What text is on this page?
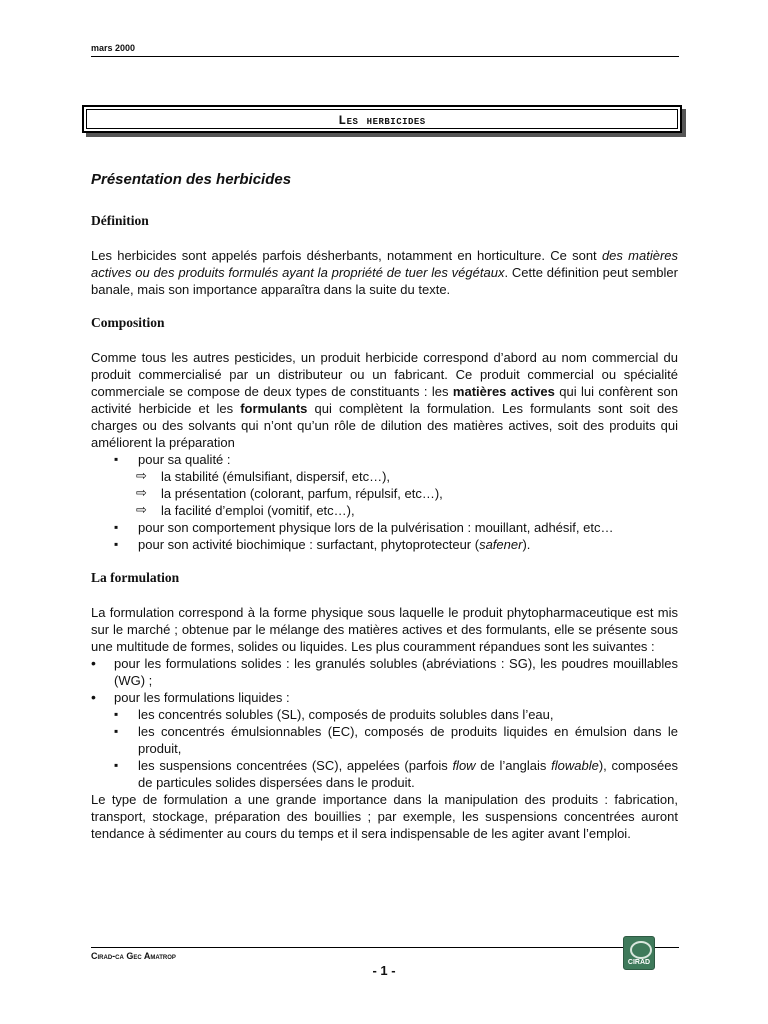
mars 2000
Les herbicides
Présentation des herbicides
Définition

Les herbicides sont appelés parfois désherbants, notamment en horticulture. Ce sont des matières actives ou des produits formulés ayant la propriété de tuer les végétaux. Cette définition peut sembler banale, mais son importance apparaîtra dans la suite du texte.

Composition

Comme tous les autres pesticides, un produit herbicide correspond d’abord au nom commercial du produit commercialisé par un distributeur ou un fabricant. Ce produit commercial ou spécialité commerciale se compose de deux types de constituants : les matières actives qui lui confèrent son activité herbicide et les formulants qui complètent la formulation. Les formulants sont soit des charges ou des solvants qui n’ont qu’un rôle de dilution des matières actives, soit des produits qui améliorent la préparation

▪ pour sa qualité :
⇨ la stabilité (émulsifiant, dispersif, etc…),
⇨ la présentation (colorant, parfum, répulsif, etc…),
⇨ la facilité d’emploi (vomitif, etc…),
▪ pour son comportement physique lors de la pulvérisation : mouillant, adhésif, etc…
▪ pour son activité biochimique : surfactant, phytoprotecteur (safener).
La formulation

La formulation correspond à la forme physique sous laquelle le produit phytopharmaceutique est mis sur le marché ; obtenue par le mélange des matières actives et des formulants, elle se présente sous une multitude de formes, solides ou liquides. Les plus couramment répandues sont les suivantes :

• pour les formulations solides : les granulés solubles (abréviations : SG), les poudres mouillables (WG) ;
• pour les formulations liquides :
▪ les concentrés solubles (SL), composés de produits solubles dans l’eau,
▪ les concentrés émulsionnables (EC), composés de produits liquides en émulsion dans le produit,
▪ les suspensions concentrées (SC), appelées (parfois flow de l’anglais flowable), composées de particules solides dispersées dans le produit.

Le type de formulation a une grande importance dans la manipulation des produits : fabrication, transport, stockage, préparation des bouillies ; par exemple, les suspensions concentrées auront tendance à sédimenter au cours du temps et il sera indispensable de les agiter avant l’emploi.

Cirad-ca Gec Amatrop
CIRAD
- 1 -
